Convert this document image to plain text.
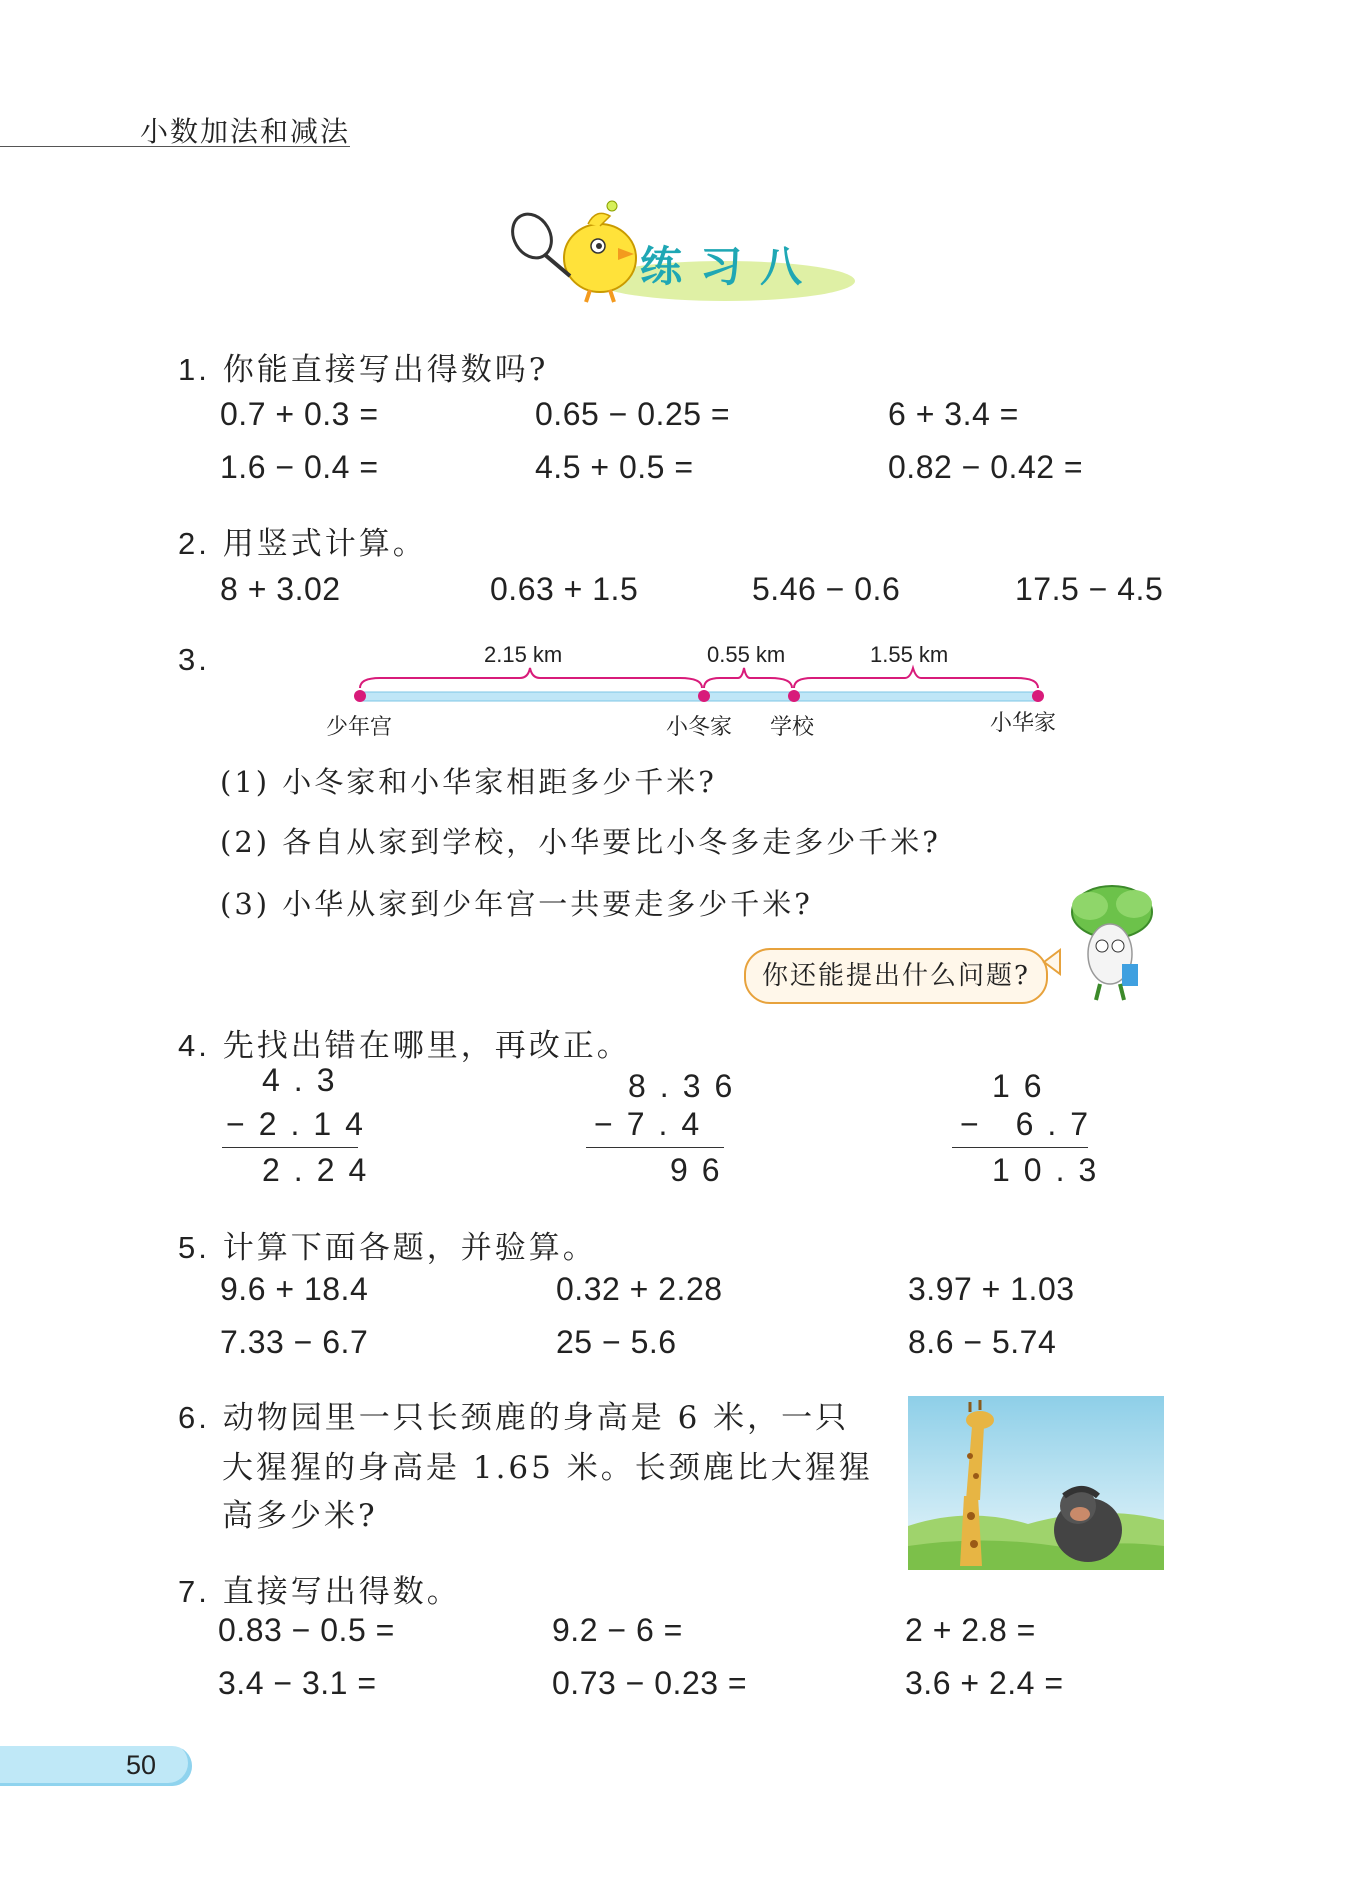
小数加法和减法
练习八
1. 你能直接写出得数吗?
0.7 + 0.3 =	0.65 − 0.25 =	6 + 3.4 =
1.6 − 0.4 =	4.5 + 0.5 =	0.82 − 0.42 =
2. 用竖式计算。
8 + 3.02	0.63 + 1.5	5.46 − 0.6	17.5 − 4.5
3.	2.15 km	0.55 km	1.55 km
少年宫	小冬家 学校	小华家
(1) 小冬家和小华家相距多少千米?
(2) 各自从家到学校，小华要比小冬多走多少千米?
(3) 小华从家到少年宫一共要走多少千米?
你还能提出什么问题?
4. 先找出错在哪里，再改正。
4.3
−2.14
2.24
8.36
−7.4
96
16
− 6.7
10.3
5. 计算下面各题，并验算。
9.6 + 18.4	0.32 + 2.28	3.97 + 1.03
7.33 − 6.7	25 − 5.6	8.6 − 5.74
6. 动物园里一只长颈鹿的身高是 6 米，一只
大猩猩的身高是 1.65 米。长颈鹿比大猩猩
高多少米?
7. 直接写出得数。
0.83 − 0.5 =	9.2 − 6 =	2 + 2.8 =
3.4 − 3.1 =	0.73 − 0.23 =	3.6 + 2.4 =
50
